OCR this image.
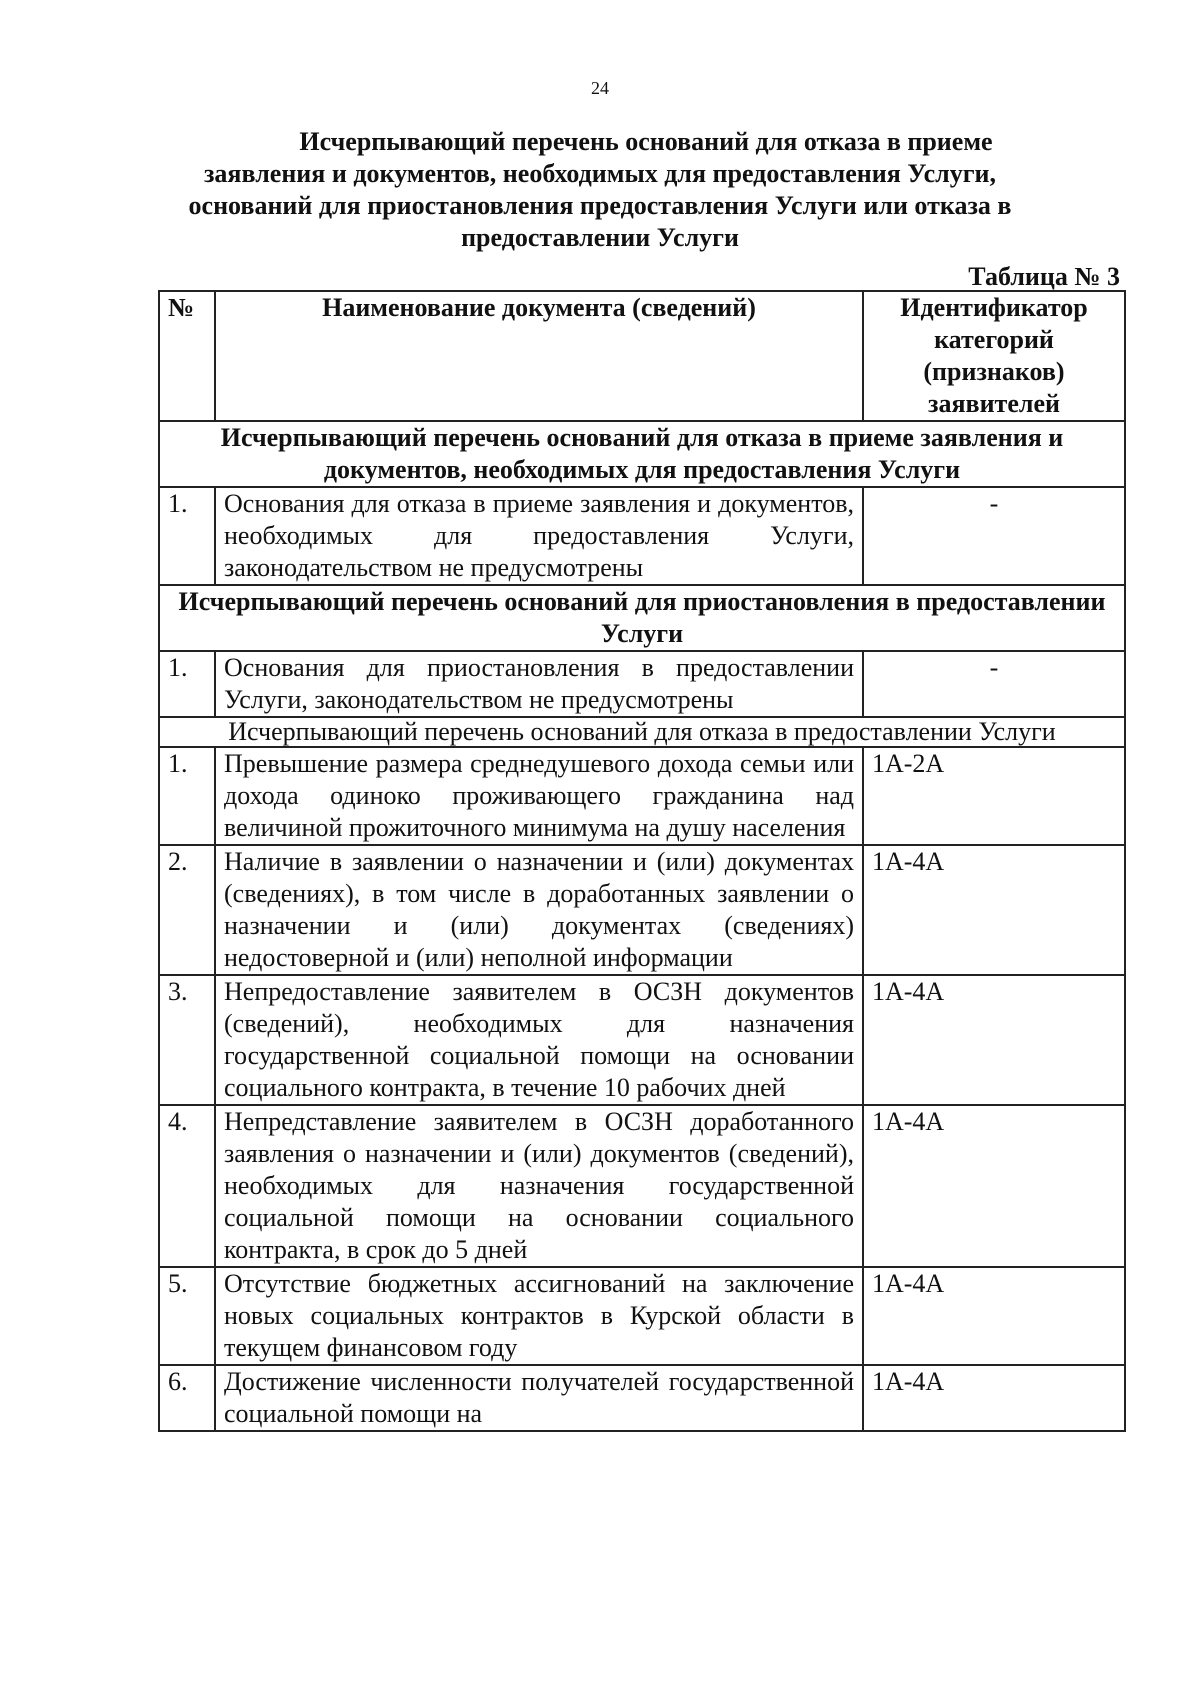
24
Исчерпывающий перечень оснований для отказа в приеме
заявления и документов, необходимых для предоставления Услуги,
оснований для приостановления предоставления Услуги или отказа в
предоставлении Услуги
Таблица № 3
№	Наименование документа (сведений)	Идентификатор категорий (признаков) заявителей
Исчерпывающий перечень оснований для отказа в приеме заявления и документов, необходимых для предоставления Услуги		
1.	Основания для отказа в приеме заявления и документов, необходимых для предоставления Услуги, законодательством не предусмотрены	-
Исчерпывающий перечень оснований для приостановления в предоставлении Услуги		
1.	Основания для приостановления в предоставлении Услуги, законодательством не предусмотрены	-
Исчерпывающий перечень оснований для отказа в предоставлении Услуги		
1.	Превышение размера среднедушевого дохода семьи или дохода одиноко проживающего гражданина над величиной прожиточного минимума на душу населения	1А-2А
2.	Наличие в заявлении о назначении и (или) документах (сведениях), в том числе в доработанных заявлении о назначении и (или) документах (сведениях) недостоверной и (или) неполной информации	1А-4А
3.	Непредоставление заявителем в ОСЗН документов (сведений), необходимых для назначения государственной социальной помощи на основании социального контракта, в течение 10 рабочих дней	1А-4А
4.	Непредставление заявителем в ОСЗН доработанного заявления о назначении и (или) документов (сведений), необходимых для назначения государственной социальной помощи на основании социального контракта, в срок до 5 дней	1А-4А
5.	Отсутствие бюджетных ассигнований на заключение новых социальных контрактов в Курской области в текущем финансовом году	1А-4А
6.	Достижение численности получателей государственной социальной помощи на	1А-4А
